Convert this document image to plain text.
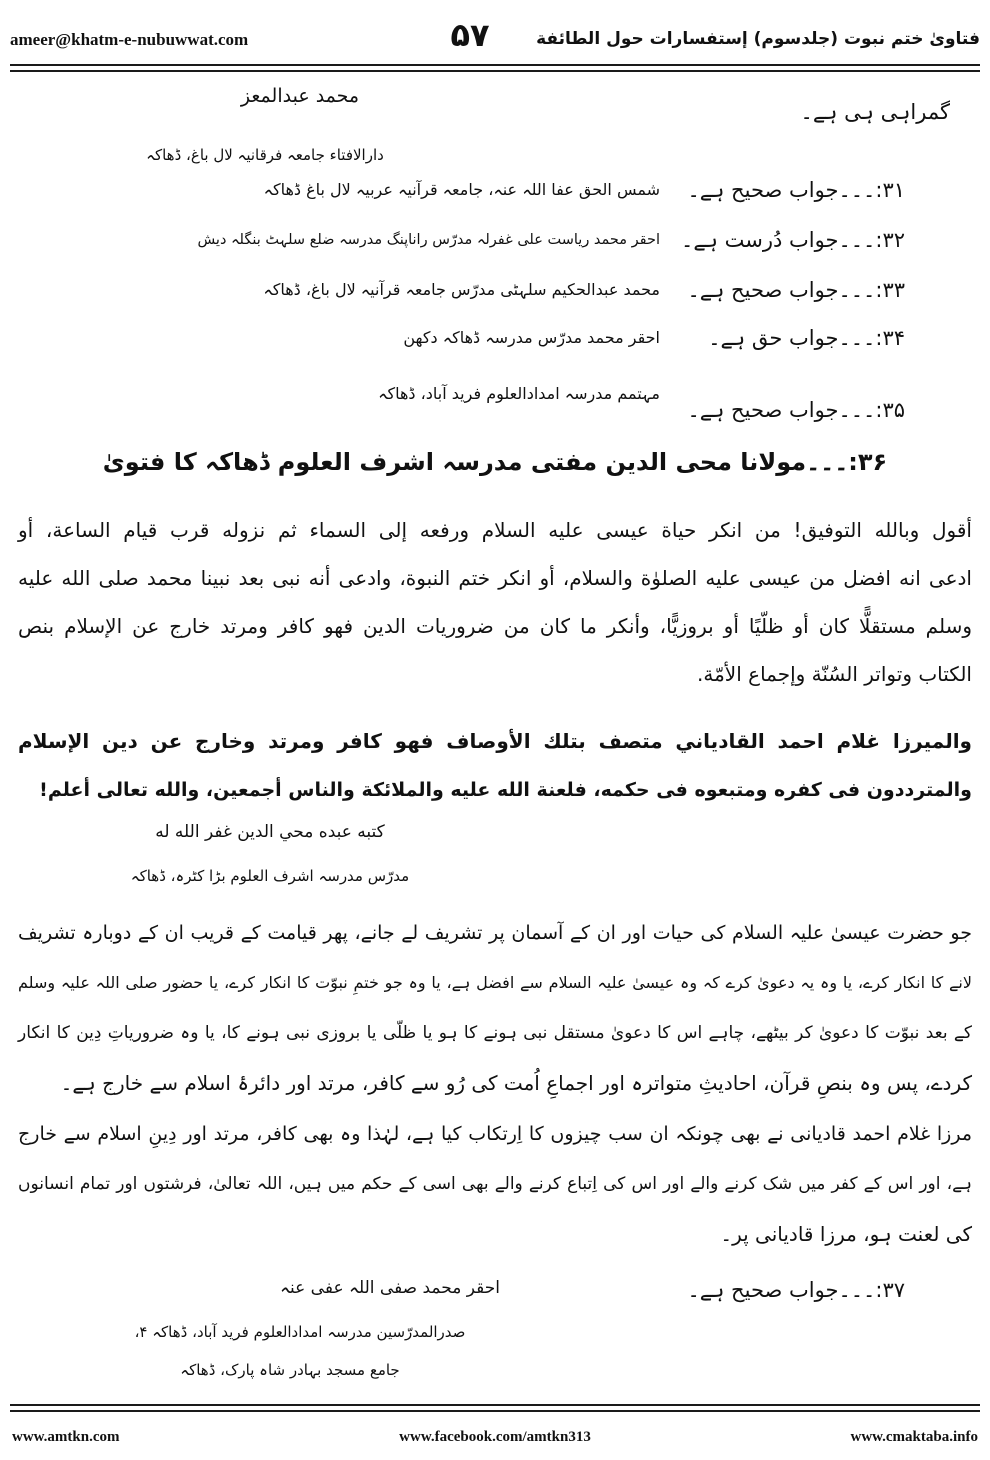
ameer@khatm-e-nubuwwat.com	۵۷	فتاویٰ ختم نبوت (جلدسوم) إستفسارات حول الطائفة
گمراہی ہی ہے۔
محمد عبدالمعز
دارالافتاء جامعہ فرقانیہ لال باغ، ڈھاکہ
۳۱:۔۔۔جواب صحیح ہے۔
شمس الحق عفا اللہ عنہ، جامعہ قرآنیہ عربیہ لال باغ ڈھاکہ
۳۲:۔۔۔جواب دُرست ہے۔
احقر محمد ریاست علی غفرلہ مدرّس راناپنگ مدرسہ ضلع سلہٹ بنگلہ دیش
۳۳:۔۔۔جواب صحیح ہے۔
محمد عبدالحکیم سلہٹی مدرّس جامعہ قرآنیہ لال باغ، ڈھاکہ
۳۴:۔۔۔جواب حق ہے۔
احقر محمد مدرّس مدرسہ ڈھاکہ دکھن
۳۵:۔۔۔جواب صحیح ہے۔
مہتمم مدرسہ امدادالعلوم فرید آباد، ڈھاکہ
۳۶:۔۔۔مولانا محی الدین مفتی مدرسہ اشرف العلوم ڈھاکہ کا فتویٰ
أقول وبالله التوفيق! من انكر حياة عيسى عليه السلام ورفعه إلى السماء ثم نزوله قرب قيام الساعة، أو
ادعى انه افضل من عيسى عليه الصلوٰة والسلام، أو انكر ختم النبوة، وادعى أنه نبى بعد نبينا محمد صلى الله عليه
وسلم مستقلًّا كان أو ظلّيًا أو بروزيًّا، وأنكر ما كان من ضروريات الدين فهو كافر ومرتد خارج عن الإسلام بنص
الكتاب وتواتر السُنّة وإجماع الأمّة.
والميرزا غلام احمد القادياني متصف بتلك الأوصاف فهو كافر ومرتد وخارج عن دين الإسلام
والمترددون فى كفره ومتبعوه فى حكمه، فلعنة الله عليه والملائكة والناس أجمعين، والله تعالى أعلم!
كتبه عبده محي الدين غفر الله له
مدرّس مدرسہ اشرف العلوم بڑا کٹرہ، ڈھاکہ
جو حضرت عیسیٰ علیہ السلام کی حیات اور ان کے آسمان پر تشریف لے جانے، پھر قیامت کے قریب ان کے دوبارہ تشریف
لانے کا انکار کرے، یا وہ یہ دعویٰ کرے کہ وہ عیسیٰ علیہ السلام سے افضل ہے، یا وہ جو ختمِ نبوّت کا انکار کرے، یا حضور صلی اللہ علیہ وسلم
کے بعد نبوّت کا دعویٰ کر بیٹھے، چاہے اس کا دعویٰ مستقل نبی ہونے کا ہو یا ظلّی یا بروزی نبی ہونے کا، یا وہ ضروریاتِ دِین کا انکار
کردے، پس وہ بنصِ قرآن، احادیثِ متواترہ اور اجماعِ اُمت کی رُو سے کافر، مرتد اور دائرۂ اسلام سے خارج ہے۔
مرزا غلام احمد قادیانی نے بھی چونکہ ان سب چیزوں کا اِرتکاب کیا ہے، لہٰذا وہ بھی کافر، مرتد اور دِینِ اسلام سے خارج
ہے، اور اس کے کفر میں شک کرنے والے اور اس کی اِتباع کرنے والے بھی اسی کے حکم میں ہیں، اللہ تعالیٰ، فرشتوں اور تمام انسانوں
کی لعنت ہو، مرزا قادیانی پر۔
۳۷:۔۔۔جواب صحیح ہے۔
احقر محمد صفی اللہ عفی عنہ
صدرالمدرّسین مدرسہ امدادالعلوم فرید آباد، ڈھاکہ ۴،
جامع مسجد بہادر شاہ پارک، ڈھاکہ
www.amtkn.com	www.facebook.com/amtkn313	www.cmaktaba.info
